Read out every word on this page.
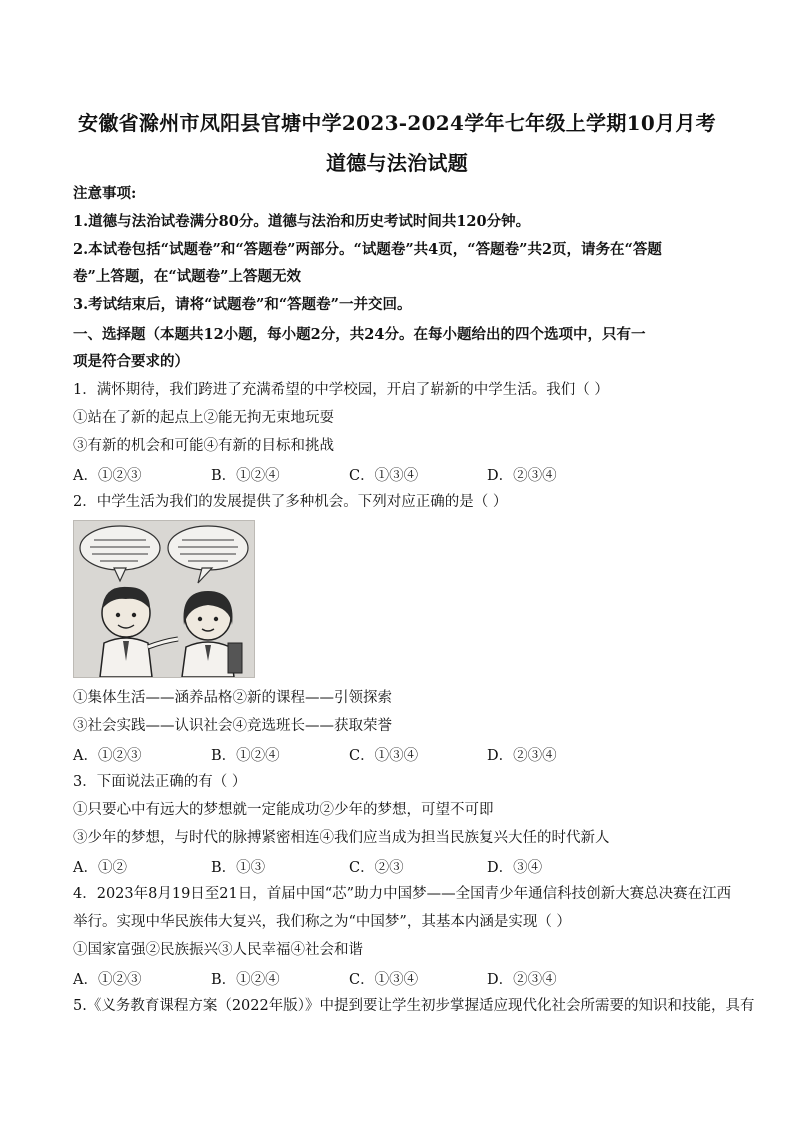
安徽省滁州市凤阳县官塘中学2023-2024学年七年级上学期10月月考
道德与法治试题
注意事项:
1.道德与法治试卷满分80分。道德与法治和历史考试时间共120分钟。
2.本试卷包括“试题卷”和“答题卷”两部分。“试题卷”共4页，“答题卷”共2页，请务在“答题
卷”上答题，在“试题卷”上答题无效
3.考试结束后，请将“试题卷”和“答题卷”一并交回。
一、选择题（本题共12小题，每小题2分，共24分。在每小题给出的四个选项中，只有一
项是符合要求的）
1．满怀期待，我们跨进了充满希望的中学校园，开启了崭新的中学生活。我们（ ）
①站在了新的起点上②能无拘无束地玩耍
③有新的机会和可能④有新的目标和挑战
A．①②③	B．①②④	C．①③④	D．②③④
2．中学生活为我们的发展提供了多种机会。下列对应正确的是（ ）
①集体生活——涵养品格②新的课程——引领探索
③社会实践——认识社会④竞选班长——获取荣誉
A．①②③	B．①②④	C．①③④	D．②③④
3．下面说法正确的有（ ）
①只要心中有远大的梦想就一定能成功②少年的梦想，可望不可即
③少年的梦想，与时代的脉搏紧密相连④我们应当成为担当民族复兴大任的时代新人
A．①②	B．①③	C．②③	D．③④
4．2023年8月19日至21日，首届中国“芯”助力中国梦——全国青少年通信科技创新大赛总决赛在江西
举行。实现中华民族伟大复兴，我们称之为“中国梦”，其基本内涵是实现（ ）
①国家富强②民族振兴③人民幸福④社会和谐
A．①②③	B．①②④	C．①③④	D．②③④
5.《义务教育课程方案（2022年版）》中提到要让学生初步掌握适应现代化社会所需要的知识和技能，具有
